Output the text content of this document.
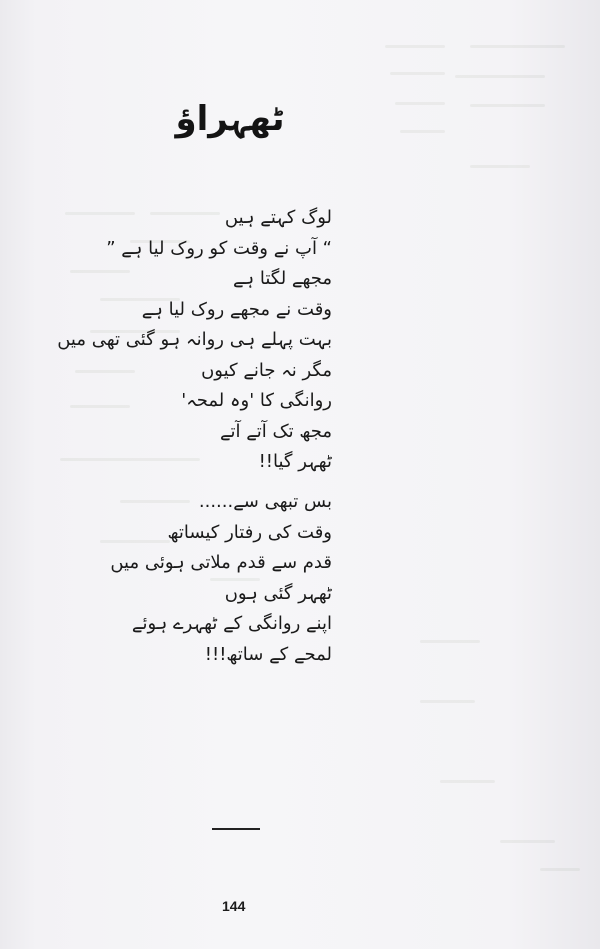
ٹھہراؤ
لوگ کہتے ہیں
“ آپ نے وقت کو روک لیا ہے ”
مجھے لگتا ہے
وقت نے مجھے روک لیا ہے
بہت پہلے ہی روانہ ہو گئی تھی میں
مگر نہ جانے کیوں
روانگی کا 'وہ لمحہ'
مجھ تک آتے آتے
ٹھہر گیا!!
بس تبھی سے......
وقت کی رفتار کیساتھ
قدم سے قدم ملاتی ہوئی میں
ٹھہر گئی ہوں
اپنے روانگی کے ٹھہرے ہوئے
لمحے کے ساتھ!!!
144
